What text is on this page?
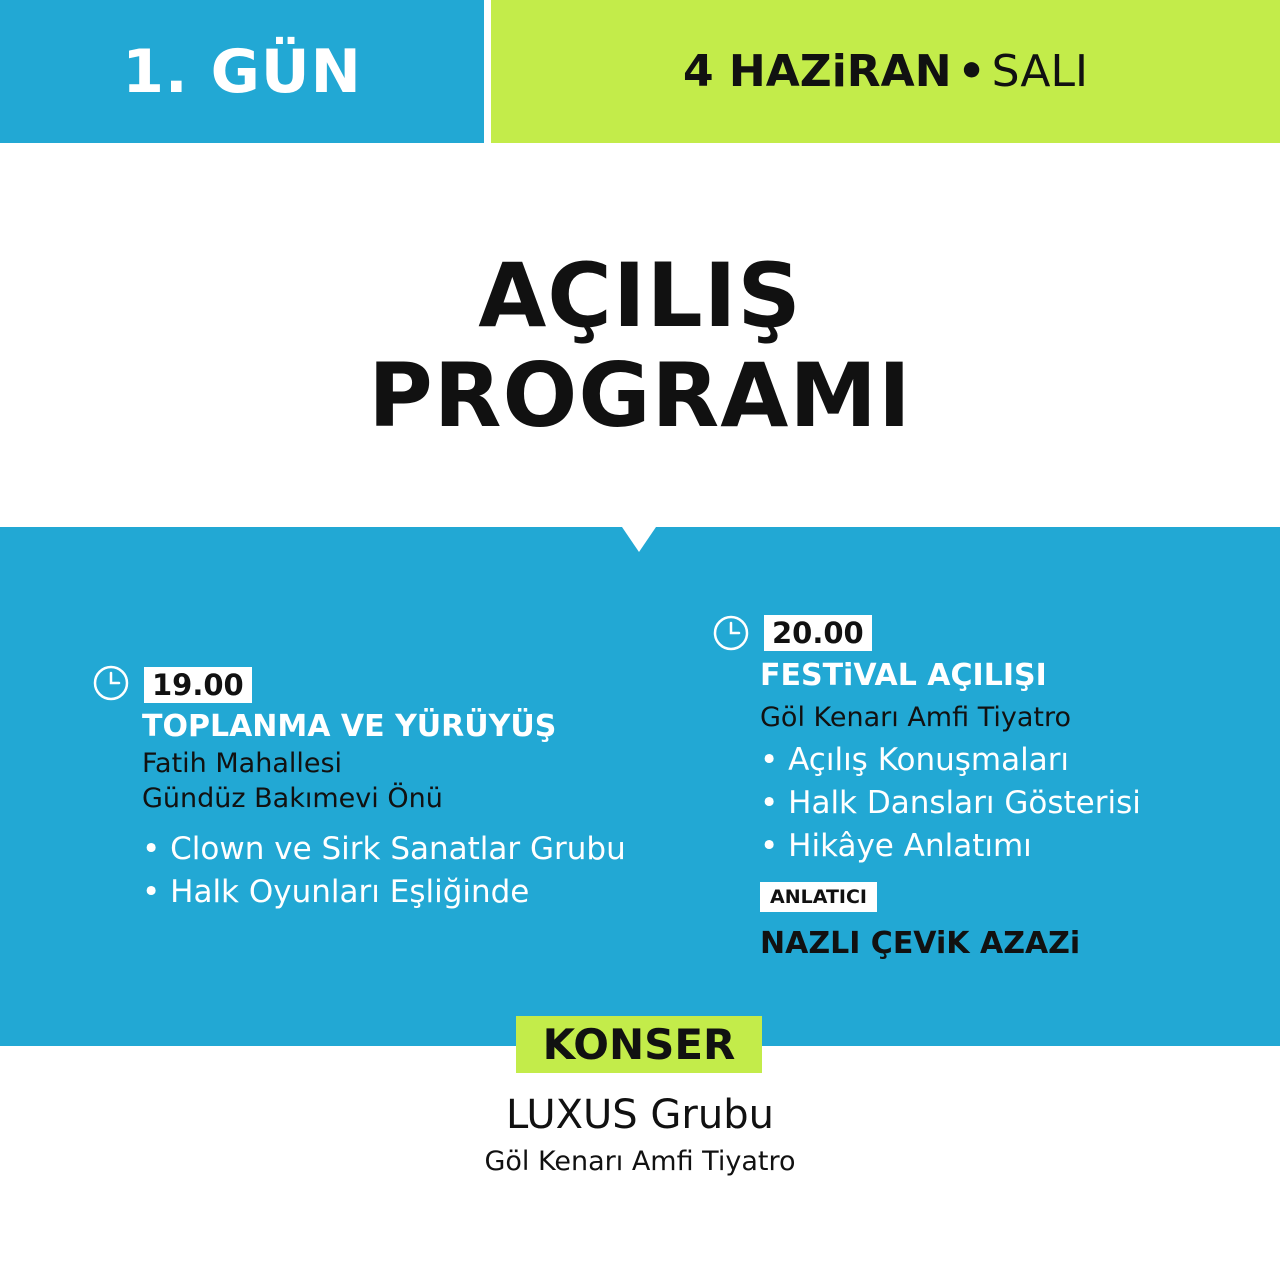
1. GÜN	4 HAZiRAN • SALI
AÇILIŞ
PROGRAMI
19.00
TOPLANMA VE YÜRÜYÜŞ
Fatih Mahallesi
Gündüz Bakımevi Önü
• Clown ve Sirk Sanatlar Grubu
• Halk Oyunları Eşliğinde
20.00
FESTiVAL AÇILIŞI
Göl Kenarı Amfi Tiyatro
• Açılış Konuşmaları
• Halk Dansları Gösterisi
• Hikâye Anlatımı
ANLATICI
NAZLI ÇEViK AZAZi
KONSER
LUXUS Grubu
Göl Kenarı Amfi Tiyatro
